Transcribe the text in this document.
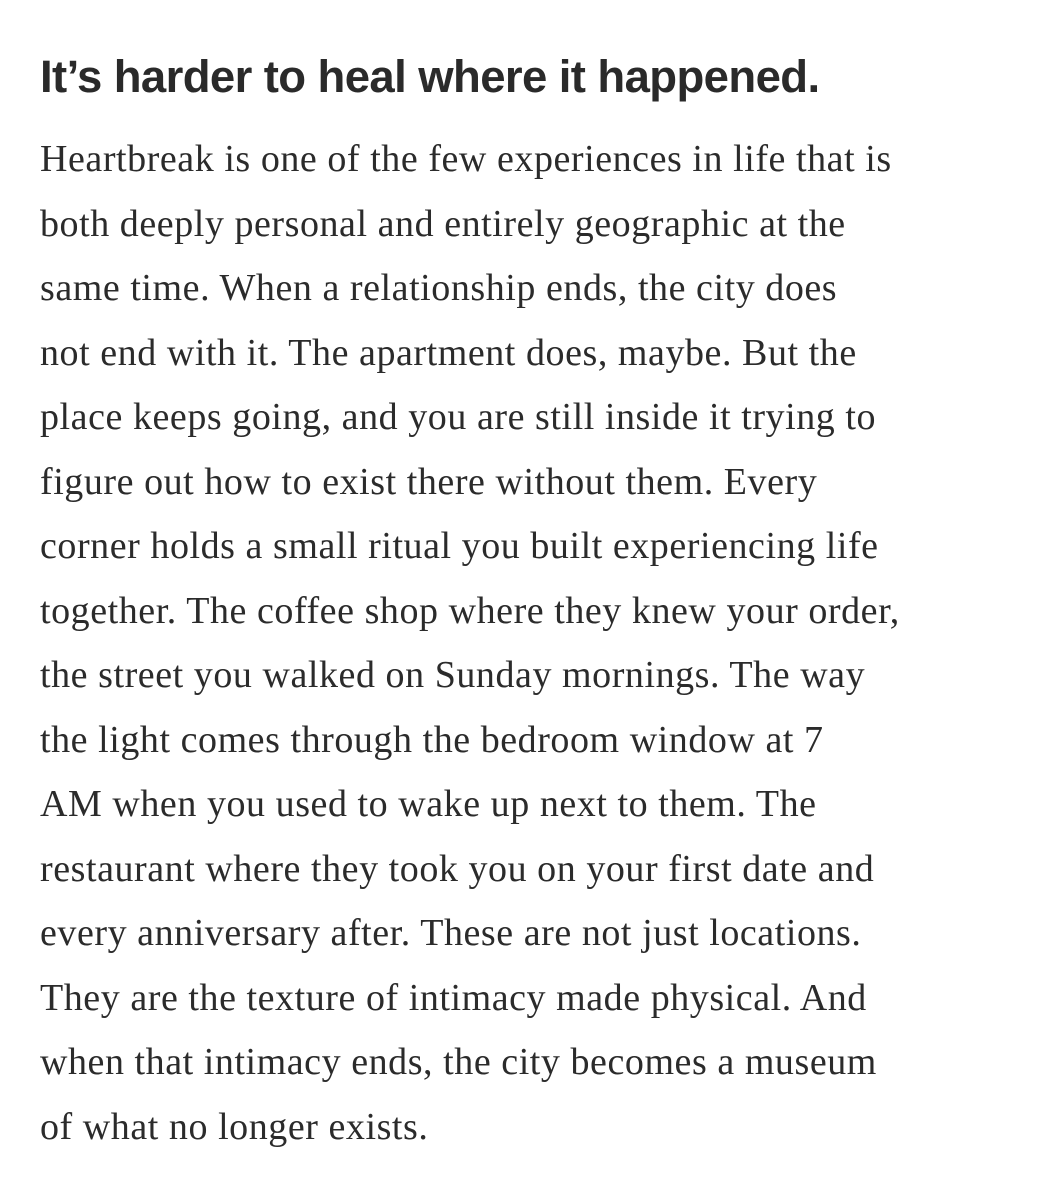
It’s harder to heal where it happened.

Heartbreak is one of the few experiences in life that is
both deeply personal and entirely geographic at the
same time. When a relationship ends, the city does
not end with it. The apartment does, maybe. But the
place keeps going, and you are still inside it trying to
figure out how to exist there without them. Every
corner holds a small ritual you built experiencing life
together. The coffee shop where they knew your order,
the street you walked on Sunday mornings. The way
the light comes through the bedroom window at 7
AM when you used to wake up next to them. The
restaurant where they took you on your first date and
every anniversary after. These are not just locations.
They are the texture of intimacy made physical. And
when that intimacy ends, the city becomes a museum
of what no longer exists.
